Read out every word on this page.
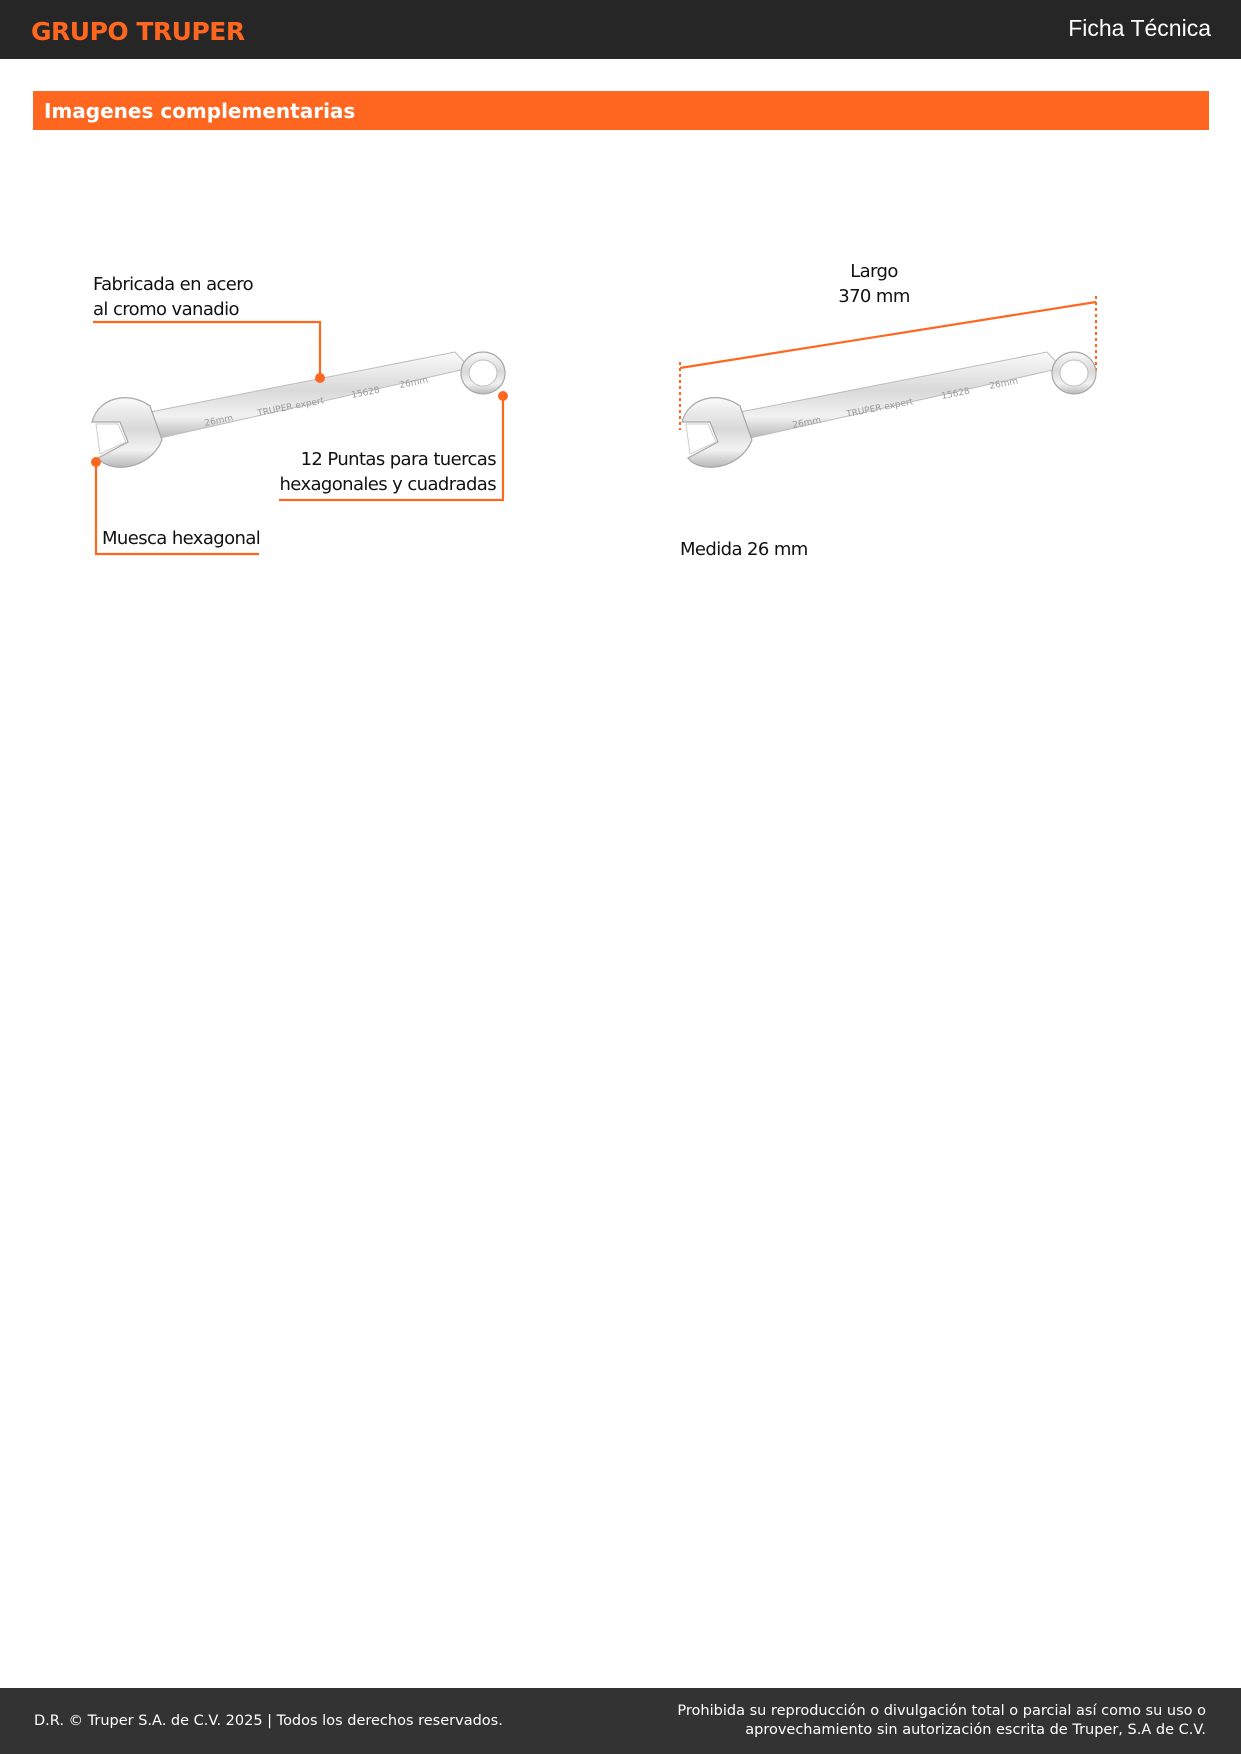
GRUPO TRUPER	Ficha Técnica
Imagenes complementarias
26mm
TRUPER expert
15628
26mm
Fabricada en acero
al cromo vanadio
12 Puntas para tuercas
hexagonales y cuadradas
Muesca hexagonal
26mm
TRUPER expert
15628
26mm
Largo
370 mm
Medida 26 mm
D.R. © Truper S.A. de C.V. 2025 | Todos los derechos reservados.
Prohibida su reproducción o divulgación total o parcial así como su uso o
aprovechamiento sin autorización escrita de Truper, S.A de C.V.
